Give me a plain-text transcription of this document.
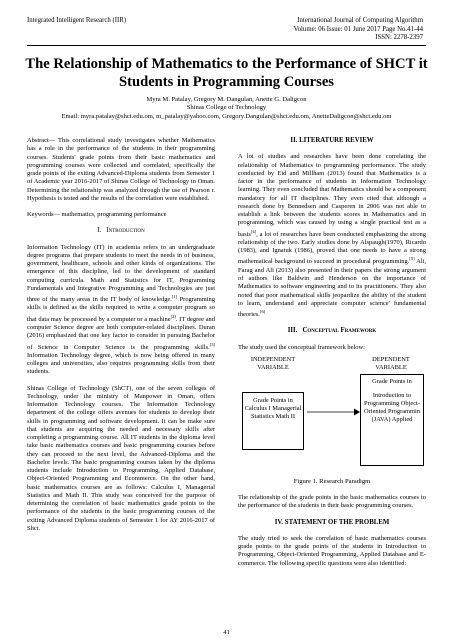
Integrated Intelligent Research (IIR)	International Journal of Computing Algorithm
Volume: 06 Issue: 01 June 2017 Page No.41-44
ISSN: 2278-2397
The Relationship of Mathematics to the Performance of SHCT it Students in Programming Courses
Myra M. Patalay, Gregory M. Dangulan, Anette G. Daligcon
Shinas College of Technology
Email: myra.patalay@shct.edu.om, m_patalay@yahoo.com, Gregory.Dangulan@shct.edu.om, AnetteDaligcon@shct.edu.om

Abstract— This correlational study investigates whether Mathematics has a role in the performance of the students in their programming courses. Students' grade points from their basic mathematics and programming courses were collected and correlated, specifically the grade points of the exiting Advanced-Diploma students from Semester 1 of Academic year 2016-2017 of Shinas College of Technology in Oman. Determining the relationship was analyzed through the use of Pearson r. Hypothesis is tested and the results of the correlation were established.

Keywords— mathematics, programming performance

I. Introduction

Information Technology (IT) in academia refers to an undergraduate degree programs that prepare students to meet the needs in of business, government, healthcare, schools and other kinds of organizations. The emergence of this discipline, led to the development of standard computing curricula. Math and Statistics for IT, Programming Fundamentals and Integrative Programming and Technologies are just three of the many areas in the IT body of knowledge.[1] Programming skills is defined as the skills required to write a computer program so that data may be processed by a computer or a machine[2]. IT degree and computer Science degree are both computer-related disciplines. Duran (2016) emphasized that one key factor to consider in pursuing Bachelor of Science in Computer Science is the programming skills.[3] Information Technology degree, which is now being offered in many colleges and universities, also requires programming skills from their students.

Shinas College of Technology (ShCT), one of the seven colleges of Technology, under the ministry of Manpower in Oman, offers Information Technology courses. The Information Technology department of the college offers avenues for students to develop their skills in programming and software development. It can be make sure that students are acquiring the needed and necessary skills after completing a programming course. All IT students in the diploma level take basic mathematics courses and basic programming courses before they can proceed to the next level, the Advanced-Diploma and the Bachelor levels. The basic programming courses taken by the diploma students include Introduction to Programming, Applied Database, Object-Oriented Programming and Ecommerce. On the other hand, basic mathematics courses are as follows: Calculus I, Managerial Statistics and Math II. This study was conceived for the purpose of determining the correlation of basic mathematics grade points to the performance of the students in the basic programming courses of the exiting Advanced Diploma students of Semester 1 for AY 2016-2017 of Shct.

II. LITERATURE REVIEW

A lot of studies and researches have been done correlating the relationship of Mathematics to programming performance. The study conducted by Eid and Millham (2013) found that Mathematics is a factor in the performance of students in Information Technology learning. They even concluded that Mathematics should be a component mandatory for all IT disciplines. They even cited that although a research done by Bennedsen and Casperen in 2006 was not able to establish a link between the students scores in Mathematics and in programming, which was caused by using a single practical test as a basis[4], a lot of researches have been conducted emphasizing the strong relationship of the two. Early studies done by Alspaugh(1970), Ricardo (1983), and Ignatuk (1986), proved that one needs to have a strong mathematical background to succeed in procedural programming.[5] Ali, Farag and Ali (2013) also presented in their papers the strong argument of authors like Baldwin and Henderson on the importance of Mathematics to software engineering and to its practitioners. They also noted that poor mathematical skills jeopardize the ability of the student to learn, understand and appreciate computer science' fundamental theories.[6]

III. Conceptual Framework

The study used the conceptual framework below:

INDEPENDENT VARIABLE
DEPENDENT VARIABLE
Grade Points in Calculus I Managerial Statistics Math II
Grade Points in
Introduction to Programming Object-Oriented Programmin (JAVA) Applied
Figure 1. Research Paradigm

The relationship of the grade points in the basic mathematics courses to the performance of the students in their basic programming courses.

IV. STATEMENT OF THE PROBLEM

The study tried to seek the correlation of basic mathematics courses grade points to the grade points of the students in Introduction to Programming, Object-Oriented Programming, Applied Database and E-commerce. The following specific questions were also identified:

41
